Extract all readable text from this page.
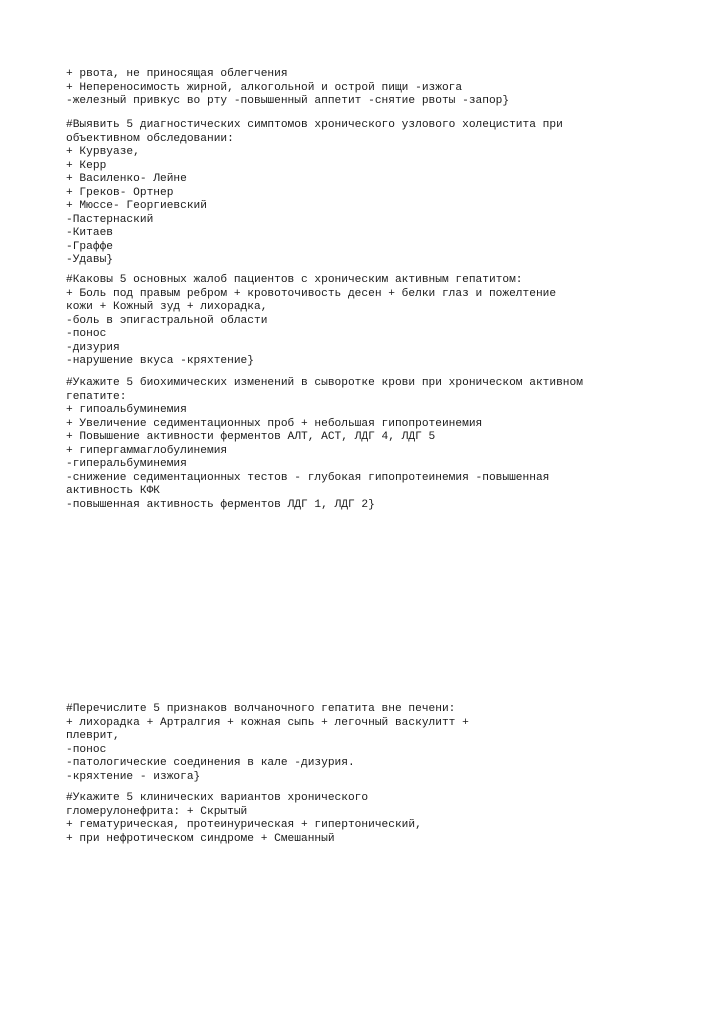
+ рвота, не приносящая облегчения
+ Непереносимость жирной, алкогольной и острой пищи -изжога
-железный привкус во рту -повышенный аппетит -снятие рвоты -запор}
#Выявить 5 диагностических симптомов хронического узлового холецистита при
объективном обследовании:
+ Курвуазе,
+ Керр
+ Василенко- Лейне
+ Греков- Ортнер
+ Мюссе- Георгиевский
-Пастернаский
-Китаев
-Граффе
-Удавы}
#Каковы 5 основных жалоб пациентов с хроническим активным гепатитом:
+ Боль под правым ребром + кровоточивость десен + белки глаз и пожелтение
кожи + Кожный зуд + лихорадка,
-боль в эпигастральной области
-понос
-дизурия
-нарушение вкуса -кряхтение}
#Укажите 5 биохимических изменений в сыворотке крови при хроническом активном
гепатите:
+ гипоальбуминемия
+ Увеличение седиментационных проб + небольшая гипопротеинемия
+ Повышение активности ферментов АЛТ, АСТ, ЛДГ 4, ЛДГ 5
+ гипергаммаглобулинемия
-гиперальбуминемия
-снижение седиментационных тестов - глубокая гипопротеинемия -повышенная
активность КФК
-повышенная активность ферментов ЛДГ 1, ЛДГ 2}
#Перечислите 5 признаков волчаночного гепатита вне печени:
+ лихорадка + Артралгия + кожная сыпь + легочный васкулитт +
плеврит,
-понос
-патологические соединения в кале -дизурия.
-кряхтение - изжога}
#Укажите 5 клинических вариантов хронического
гломерулонефрита: + Скрытый
+ гематурическая, протеинурическая + гипертонический,
+ при нефротическом синдроме + Смешанный
